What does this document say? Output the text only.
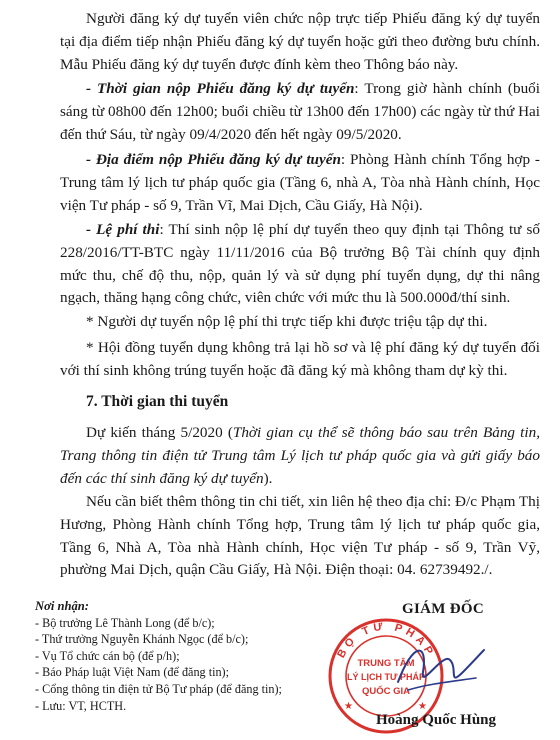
Người đăng ký dự tuyển viên chức nộp trực tiếp Phiếu đăng ký dự tuyển tại địa điểm tiếp nhận Phiếu đăng ký dự tuyển hoặc gửi theo đường bưu chính. Mẫu Phiếu đăng ký dự tuyển được đính kèm theo Thông báo này.

- Thời gian nộp Phiếu đăng ký dự tuyển: Trong giờ hành chính (buổi sáng từ 08h00 đến 12h00; buổi chiều từ 13h00 đến 17h00) các ngày từ thứ Hai đến thứ Sáu, từ ngày 09/4/2020 đến hết ngày 09/5/2020.

- Địa điểm nộp Phiếu đăng ký dự tuyển: Phòng Hành chính Tổng hợp - Trung tâm lý lịch tư pháp quốc gia (Tầng 6, nhà A, Tòa nhà Hành chính, Học viện Tư pháp - số 9, Trần Vĩ, Mai Dịch, Cầu Giấy, Hà Nội).

- Lệ phí thi: Thí sinh nộp lệ phí dự tuyển theo quy định tại Thông tư số 228/2016/TT-BTC ngày 11/11/2016 của Bộ trưởng Bộ Tài chính quy định mức thu, chế độ thu, nộp, quản lý và sử dụng phí tuyển dụng, dự thi nâng ngạch, thăng hạng công chức, viên chức với mức thu là 500.000đ/thí sinh.

* Người dự tuyển nộp lệ phí thi trực tiếp khi được triệu tập dự thi.

* Hội đồng tuyển dụng không trả lại hồ sơ và lệ phí đăng ký dự tuyển đối với thí sinh không trúng tuyển hoặc đã đăng ký mà không tham dự kỳ thi.

7. Thời gian thi tuyển

Dự kiến tháng 5/2020 (Thời gian cụ thể sẽ thông báo sau trên Bảng tin, Trang thông tin điện tử Trung tâm Lý lịch tư pháp quốc gia và gửi giấy báo đến các thí sinh đăng ký dự tuyển).

Nếu cần biết thêm thông tin chi tiết, xin liên hệ theo địa chỉ: Đ/c Phạm Thị Hương, Phòng Hành chính Tổng hợp, Trung tâm lý lịch tư pháp quốc gia, Tầng 6, Nhà A, Tòa nhà Hành chính, Học viện Tư pháp - số 9, Trần Vỹ, phường Mai Dịch, quận Cầu Giấy, Hà Nội. Điện thoại: 04. 62739492./.

Nơi nhận:
- Bộ trưởng Lê Thành Long (để b/c);
- Thứ trưởng Nguyễn Khánh Ngọc (để b/c);
- Vụ Tổ chức cán bộ (để p/h);
- Báo Pháp luật Việt Nam (để đăng tin);
- Cổng thông tin điện tử Bộ Tư pháp (để đăng tin);
- Lưu: VT, HCTH.
GIÁM ĐỐC
BỘ TƯ PHÁP
TRUNG TÂM
LÝ LỊCH TƯ PHÁP
QUỐC GIA
★	★
Hoàng Quốc Hùng
